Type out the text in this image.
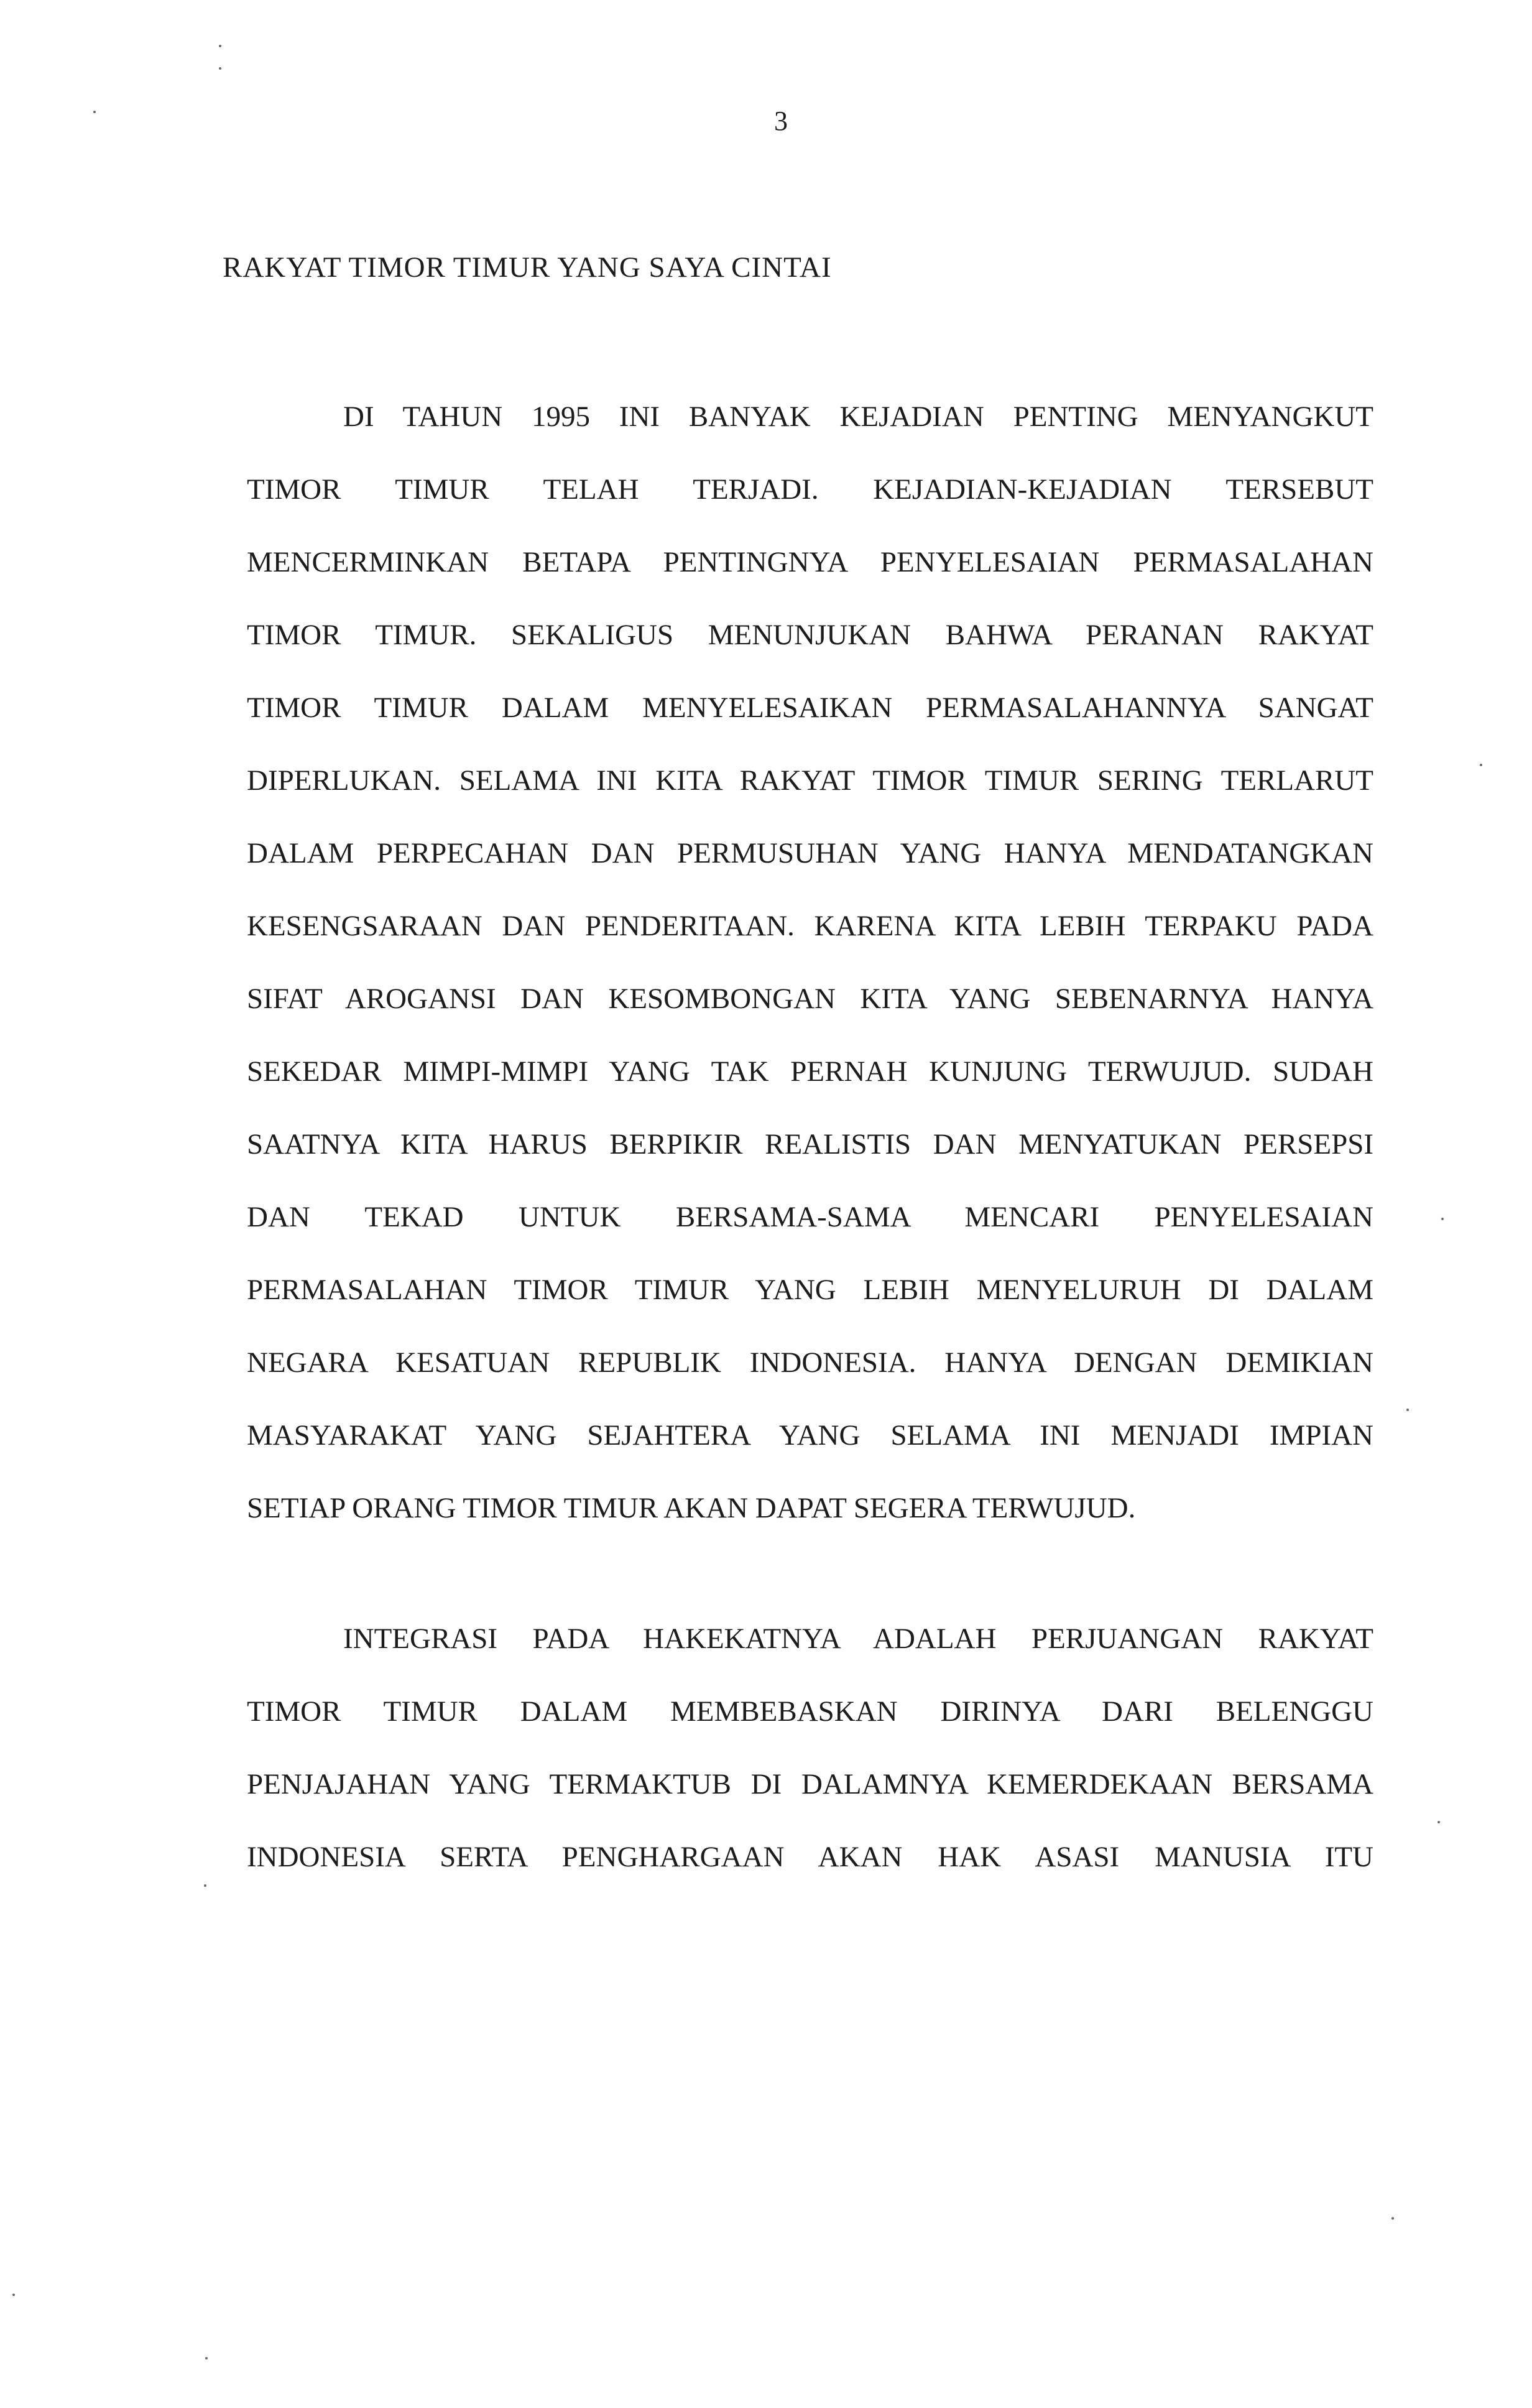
3
RAKYAT TIMOR TIMUR YANG SAYA CINTAI
DI TAHUN 1995 INI BANYAK KEJADIAN PENTING MENYANGKUT
TIMOR TIMUR TELAH TERJADI. KEJADIAN-KEJADIAN TERSEBUT
MENCERMINKAN BETAPA PENTINGNYA PENYELESAIAN PERMASALAHAN
TIMOR TIMUR. SEKALIGUS MENUNJUKAN BAHWA PERANAN RAKYAT
TIMOR TIMUR DALAM MENYELESAIKAN PERMASALAHANNYA SANGAT
DIPERLUKAN. SELAMA INI KITA RAKYAT TIMOR TIMUR SERING TERLARUT
DALAM PERPECAHAN DAN PERMUSUHAN YANG HANYA MENDATANGKAN
KESENGSARAAN DAN PENDERITAAN. KARENA KITA LEBIH TERPAKU PADA
SIFAT AROGANSI DAN KESOMBONGAN KITA YANG SEBENARNYA HANYA
SEKEDAR MIMPI-MIMPI YANG TAK PERNAH KUNJUNG TERWUJUD. SUDAH
SAATNYA KITA HARUS BERPIKIR REALISTIS DAN MENYATUKAN PERSEPSI
DAN TEKAD UNTUK BERSAMA-SAMA MENCARI PENYELESAIAN
PERMASALAHAN TIMOR TIMUR YANG LEBIH MENYELURUH DI DALAM
NEGARA KESATUAN REPUBLIK INDONESIA. HANYA DENGAN DEMIKIAN
MASYARAKAT YANG SEJAHTERA YANG SELAMA INI MENJADI IMPIAN
SETIAP ORANG TIMOR TIMUR AKAN DAPAT SEGERA TERWUJUD.
INTEGRASI PADA HAKEKATNYA ADALAH PERJUANGAN RAKYAT
TIMOR TIMUR DALAM MEMBEBASKAN DIRINYA DARI BELENGGU
PENJAJAHAN YANG TERMAKTUB DI DALAMNYA KEMERDEKAAN BERSAMA
INDONESIA SERTA PENGHARGAAN AKAN HAK ASASI MANUSIA ITU
